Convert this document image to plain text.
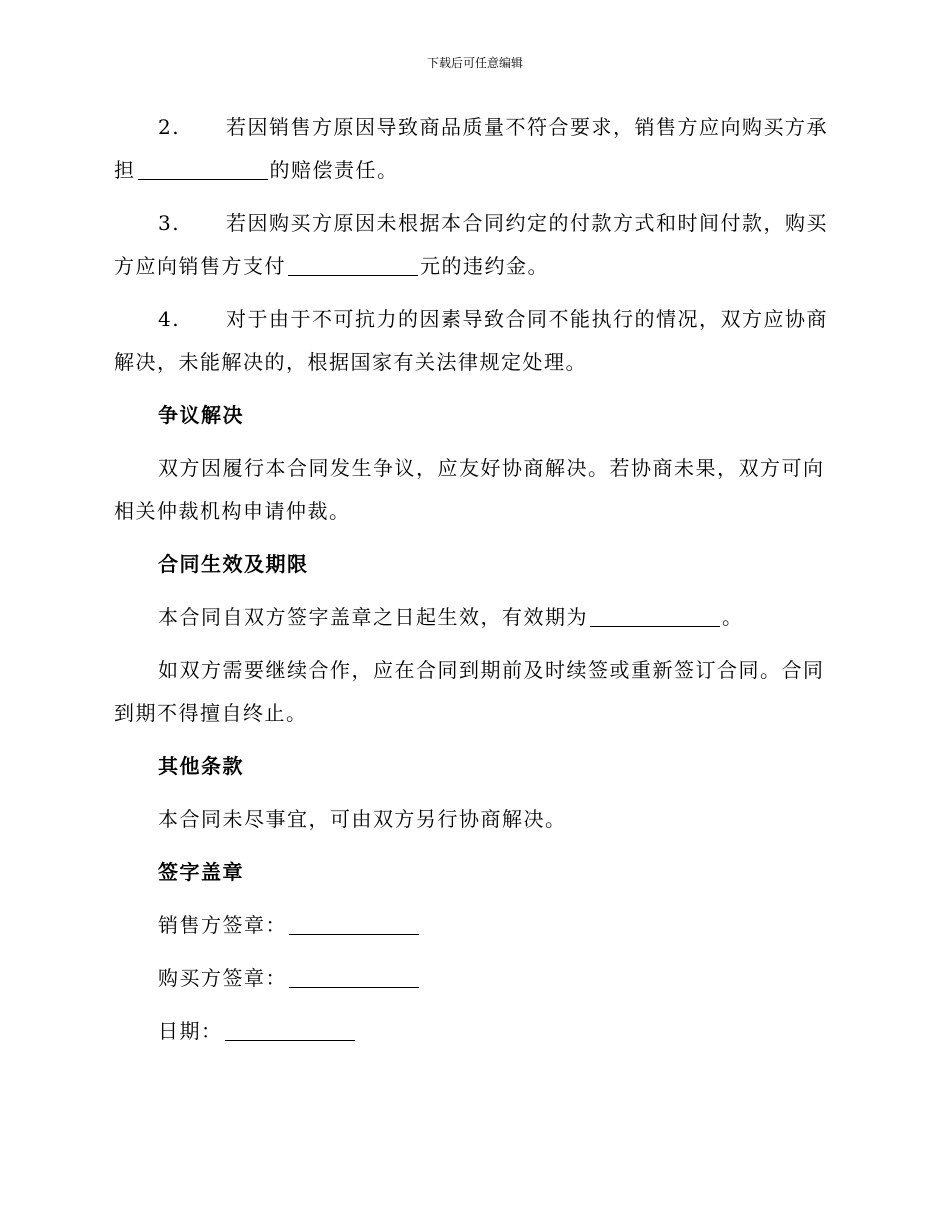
下载后可任意编辑

2. 若因销售方原因导致商品质量不符合要求，销售方应向购买方承担	的赔偿责任。

3. 若因购买方原因未根据本合同约定的付款方式和时间付款，购买方应向销售方支付	元的违约金。

4. 对于由于不可抗力的因素导致合同不能执行的情况，双方应协商解决，未能解决的，根据国家有关法律规定处理。

争议解决

双方因履行本合同发生争议，应友好协商解决。若协商未果，双方可向相关仲裁机构申请仲裁。

合同生效及期限

本合同自双方签字盖章之日起生效，有效期为	。

如双方需要继续合作，应在合同到期前及时续签或重新签订合同。合同到期不得擅自终止。

其他条款

本合同未尽事宜，可由双方另行协商解决。

签字盖章

销售方签章：

购买方签章：

日期：
